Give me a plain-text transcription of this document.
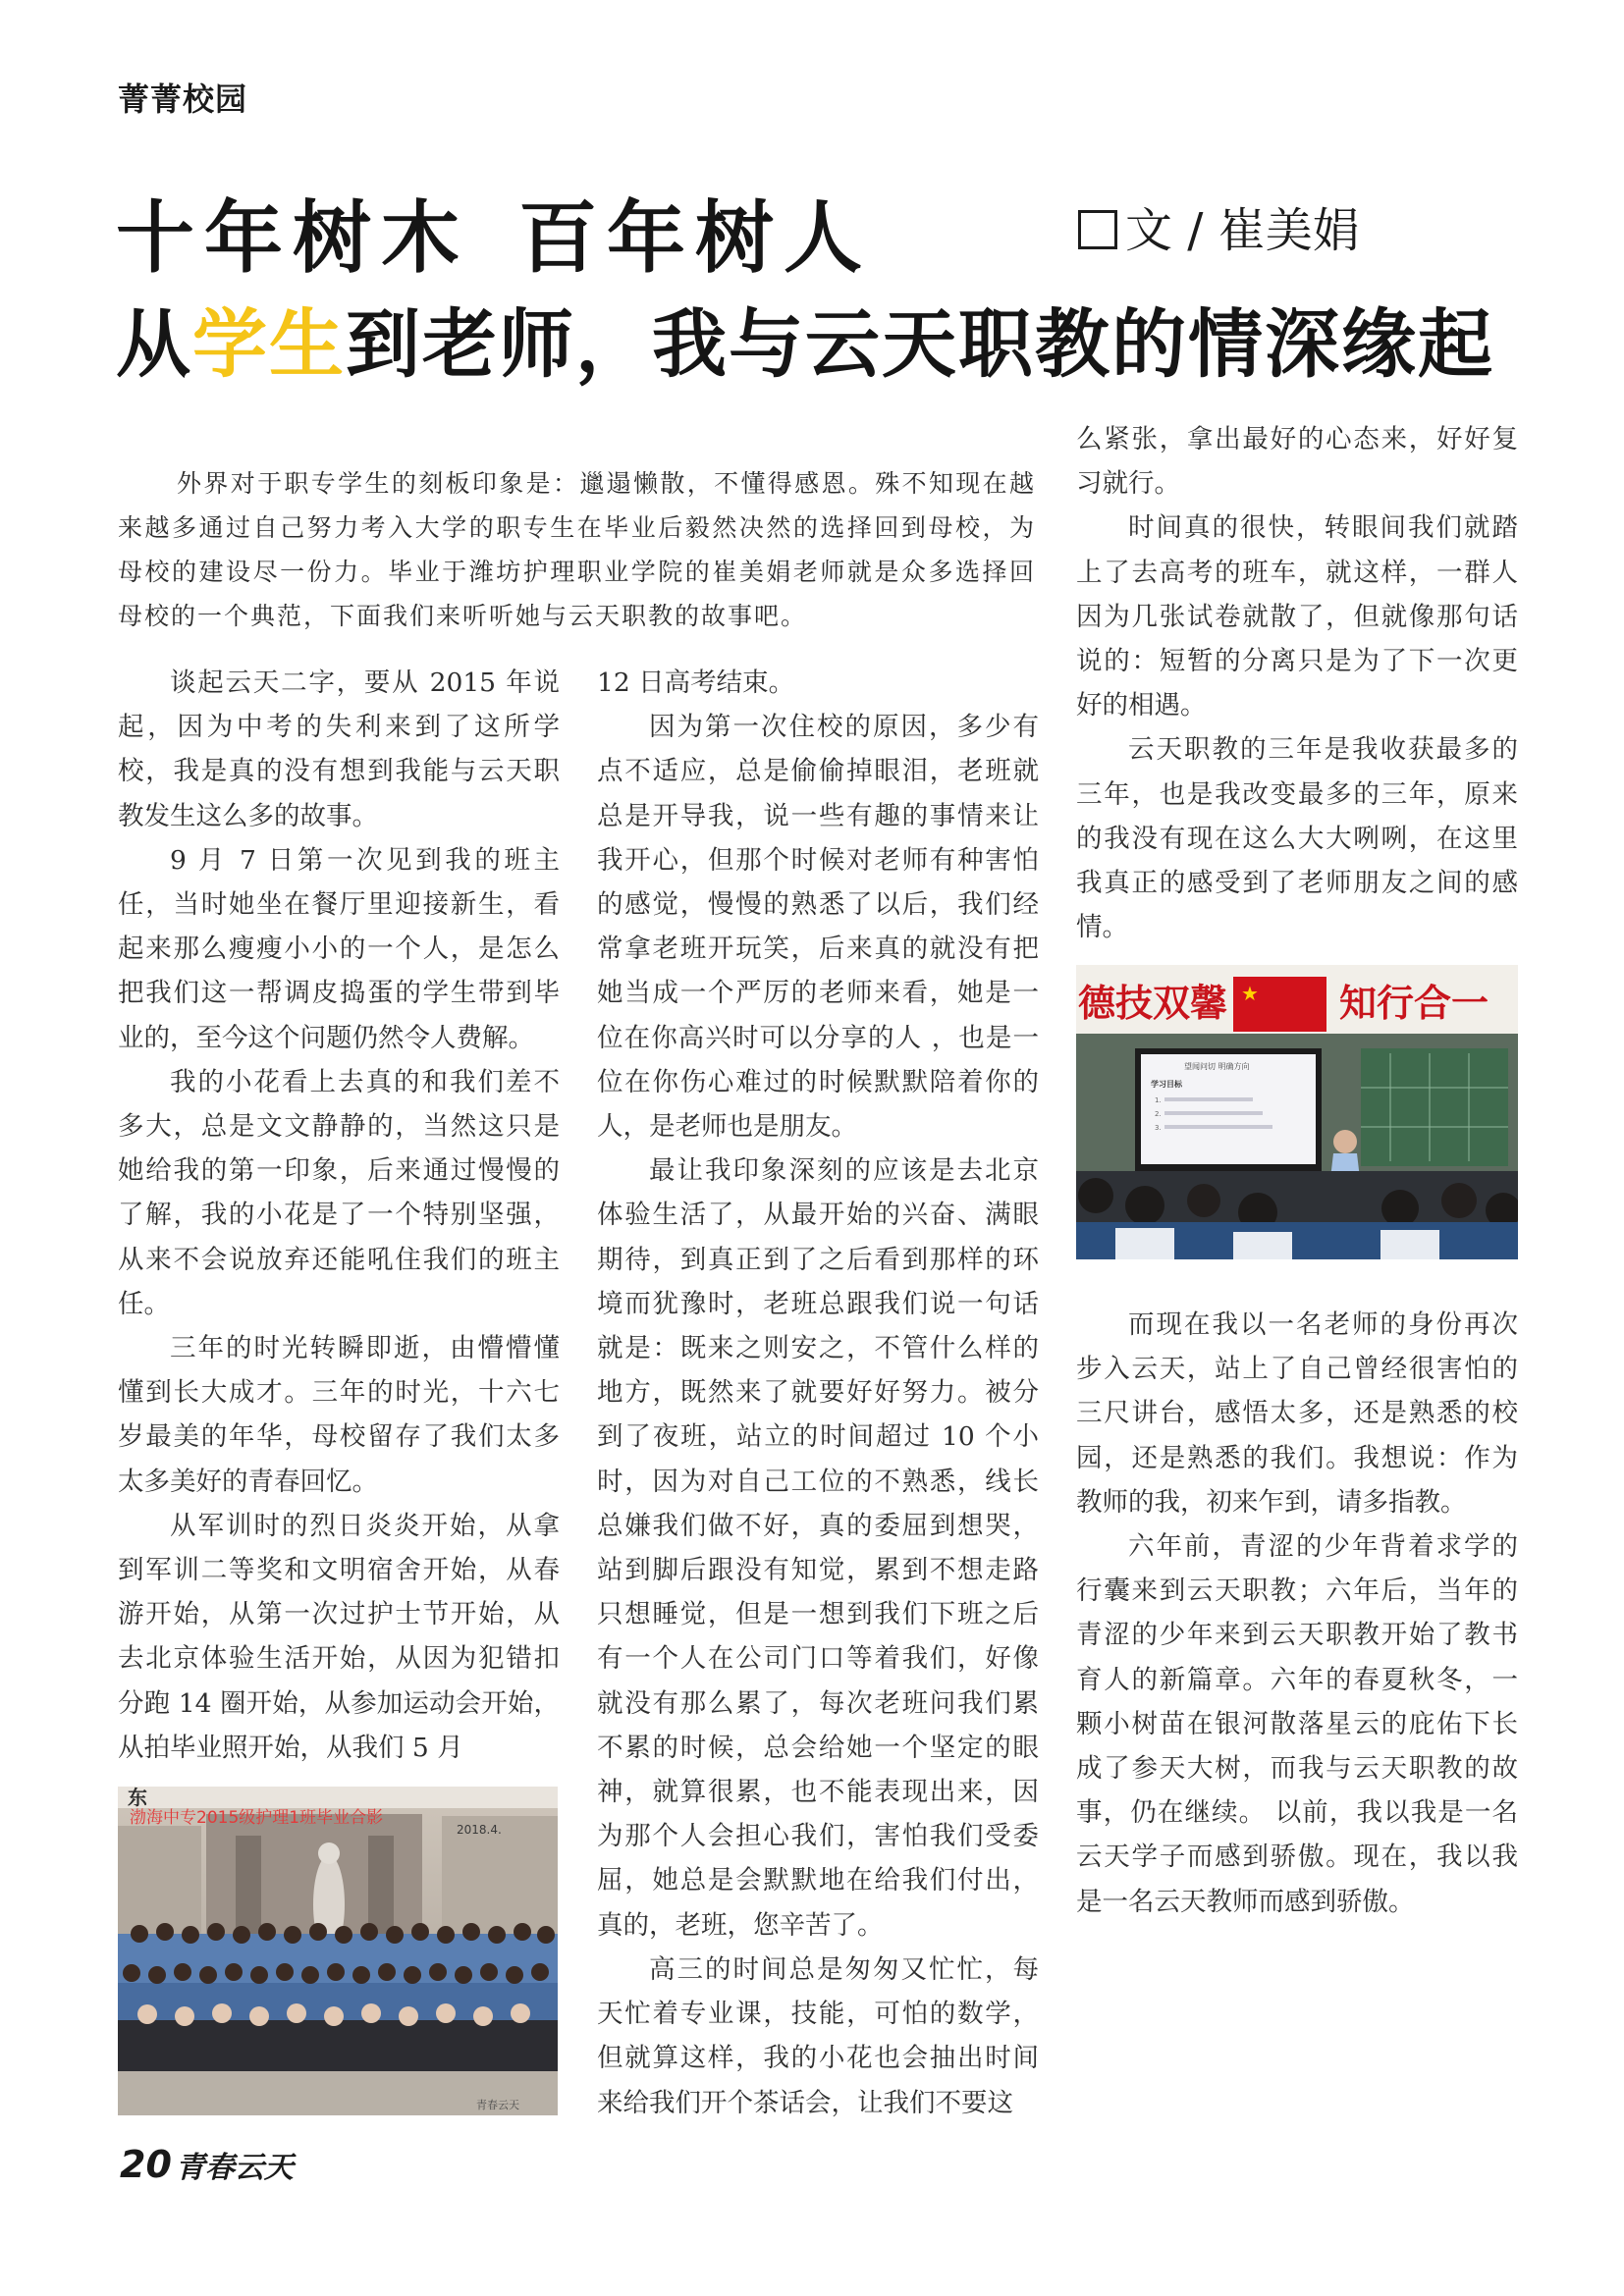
菁菁校园
十年树木 百年树人	文 / 崔美娟
从学生到老师，我与云天职教的情深缘起

外界对于职专学生的刻板印象是：邋遢懒散，不懂得感恩。殊不知现在越来越多通过自己努力考入大学的职专生在毕业后毅然决然的选择回到母校，为母校的建设尽一份力。毕业于潍坊护理职业学院的崔美娟老师就是众多选择回母校的一个典范，下面我们来听听她与云天职教的故事吧。

谈起云天二字，要从 2015 年说起，因为中考的失利来到了这所学校，我是真的没有想到我能与云天职教发生这么多的故事。

9 月 7 日第一次见到我的班主任，当时她坐在餐厅里迎接新生，看起来那么瘦瘦小小的一个人，是怎么把我们这一帮调皮捣蛋的学生带到毕业的，至今这个问题仍然令人费解。

我的小花看上去真的和我们差不多大，总是文文静静的，当然这只是她给我的第一印象，后来通过慢慢的了解，我的小花是了一个特别坚强，从来不会说放弃还能吼住我们的班主任。

三年的时光转瞬即逝，由懵懵懂懂到长大成才。三年的时光，十六七岁最美的年华，母校留存了我们太多太多美好的青春回忆。

从军训时的烈日炎炎开始，从拿到军训二等奖和文明宿舍开始，从春游开始，从第一次过护士节开始，从去北京体验生活开始，从因为犯错扣分跑 14 圈开始，从参加运动会开始，从拍毕业照开始，从我们 5 月

12 日高考结束。

因为第一次住校的原因，多少有点不适应，总是偷偷掉眼泪，老班就总是开导我，说一些有趣的事情来让我开心，但那个时候对老师有种害怕的感觉，慢慢的熟悉了以后，我们经常拿老班开玩笑，后来真的就没有把她当成一个严厉的老师来看，她是一位在你高兴时可以分享的人 ，也是一位在你伤心难过的时候默默陪着你的人，是老师也是朋友。

最让我印象深刻的应该是去北京体验生活了，从最开始的兴奋、满眼期待，到真正到了之后看到那样的环境而犹豫时，老班总跟我们说一句话就是：既来之则安之，不管什么样的地方，既然来了就要好好努力。被分到了夜班，站立的时间超过 10 个小时，因为对自己工位的不熟悉，线长总嫌我们做不好，真的委屈到想哭，站到脚后跟没有知觉，累到不想走路只想睡觉，但是一想到我们下班之后有一个人在公司门口等着我们，好像就没有那么累了，每次老班问我们累不累的时候，总会给她一个坚定的眼神，就算很累，也不能表现出来，因为那个人会担心我们，害怕我们受委屈，她总是会默默地在给我们付出，真的，老班，您辛苦了。

高三的时间总是匆匆又忙忙，每天忙着专业课，技能，可怕的数学，但就算这样，我的小花也会抽出时间来给我们开个茶话会，让我们不要这

么紧张，拿出最好的心态来，好好复习就行。

时间真的很快，转眼间我们就踏上了去高考的班车，就这样，一群人因为几张试卷就散了，但就像那句话说的：短暂的分离只是为了下一次更好的相遇。

云天职教的三年是我收获最多的三年，也是我改变最多的三年，原来的我没有现在这么大大咧咧，在这里我真正的感受到了老师朋友之间的感情。

而现在我以一名老师的身份再次步入云天，站上了自己曾经很害怕的三尺讲台，感悟太多，还是熟悉的校园，还是熟悉的我们。我想说：作为教师的我，初来乍到，请多指教。

六年前，青涩的少年背着求学的行囊来到云天职教；六年后，当年的青涩的少年来到云天职教开始了教书育人的新篇章。六年的春夏秋冬，一颗小树苗在银河散落星云的庇佑下长成了参天大树，而我与云天职教的故事，仍在继续。 以前，我以我是一名云天学子而感到骄傲。现在，我以我是一名云天教师而感到骄傲。

东
渤海中专2015级护理1班毕业合影
2018.4.
青春云天
德技双馨 ★ 知行合一
望闻问切 明确方向
学习目标
1.
2.
3.
20 青春云天
